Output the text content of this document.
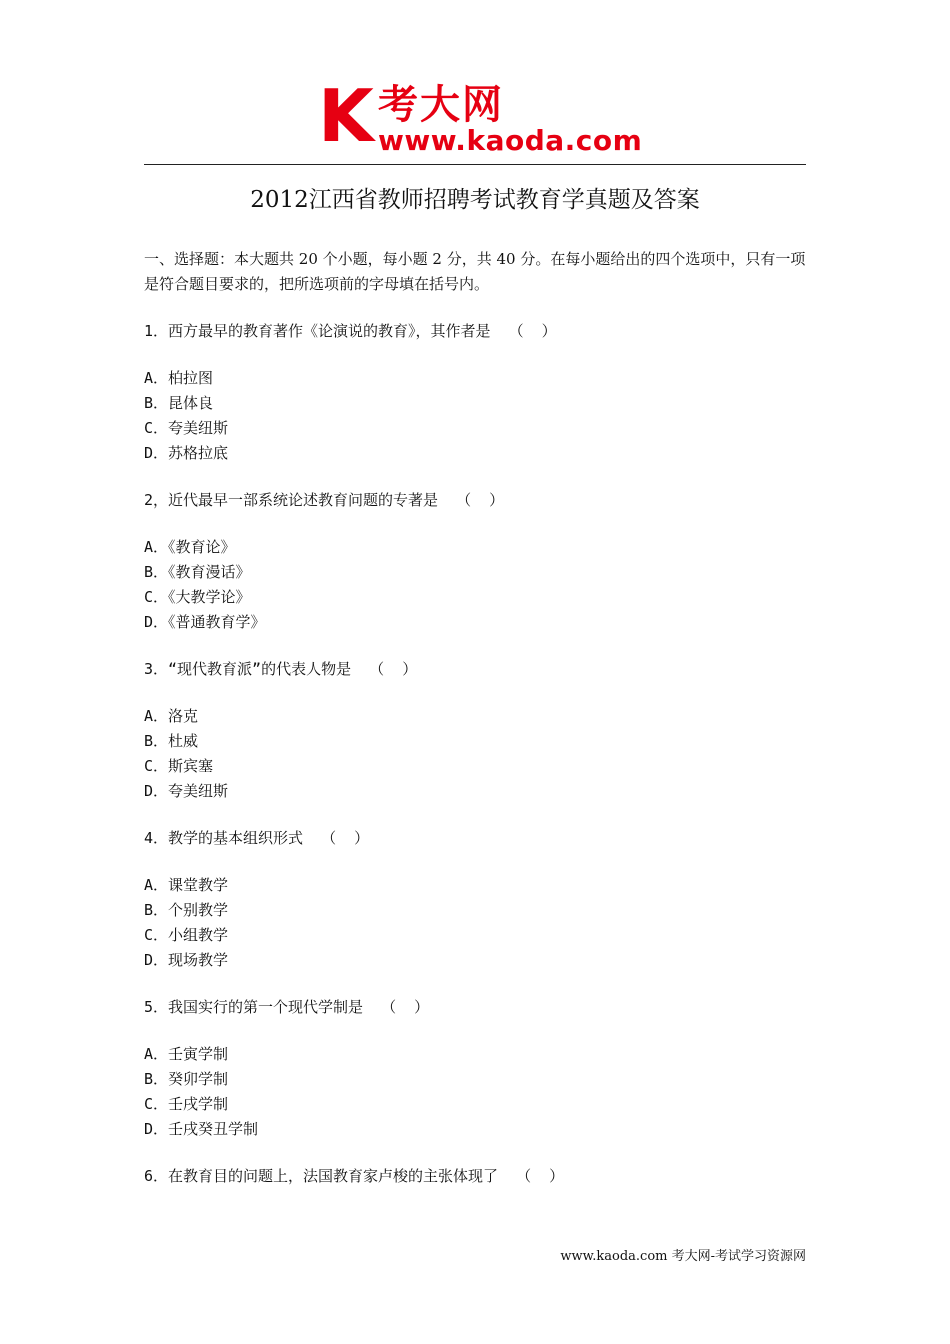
K 考大网
www.kaoda.com
2012江西省教师招聘考试教育学真题及答案
一、选择题：本大题共 20 个小题，每小题 2 分，共 40 分。在每小题给出的四个选项中，只有一项是符合题目要求的，把所选项前的字母填在括号内。
1．西方最早的教育著作《论演说的教育》，其作者是  （  ）
A．柏拉图
B．昆体良
C．夸美纽斯
D．苏格拉底
2，近代最早一部系统论述教育问题的专著是  （  ）
A．《教育论》
B．《教育漫话》
C．《大教学论》
D．《普通教育学》
3．“现代教育派”的代表人物是  （  ）
A．洛克
B．杜威
C．斯宾塞
D．夸美纽斯
4．教学的基本组织形式  （  ）
A．课堂教学
B．个别教学
C．小组教学
D．现场教学
5．我国实行的第一个现代学制是  （  ）
A．壬寅学制
B．癸卯学制
C．壬戌学制
D．壬戌癸丑学制
6．在教育目的问题上，法国教育家卢梭的主张体现了  （  ）
www.kaoda.com 考大网-考试学习资源网
